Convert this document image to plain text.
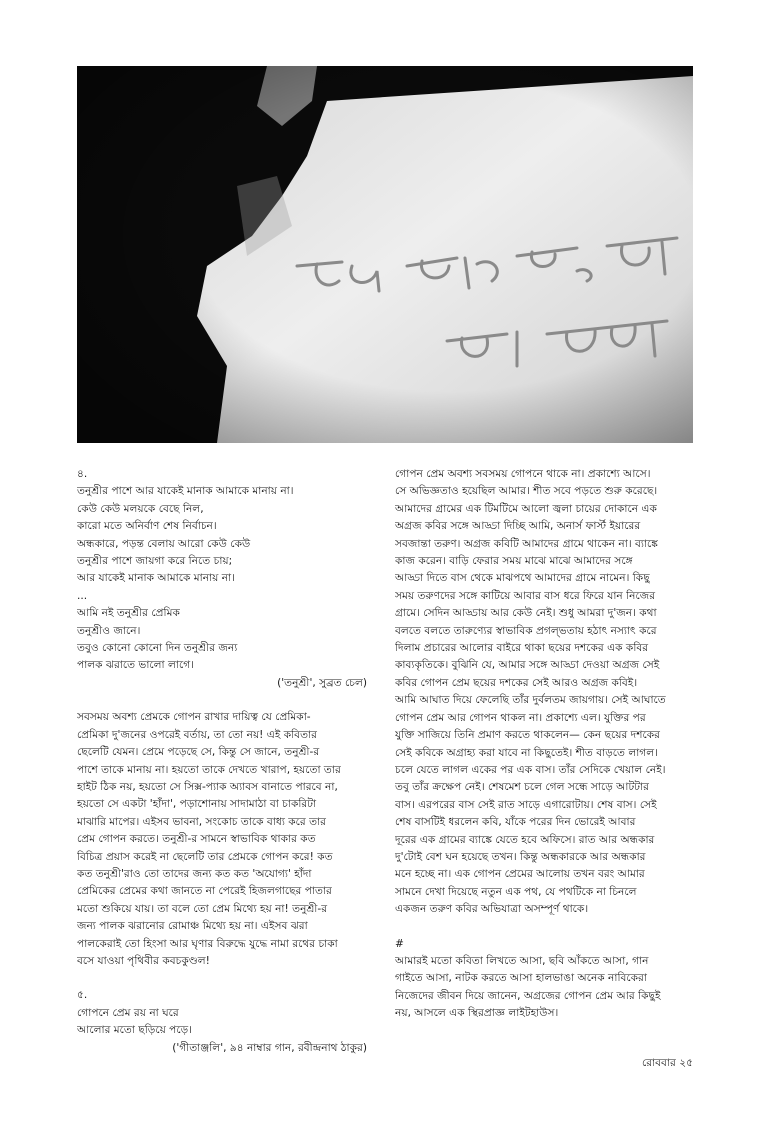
৪.
তনুশ্রীর পাশে আর যাকেই মানাক আমাকে মানায় না।
কেউ কেউ মলয়কে বেছে নিল,
কারো মতে অনির্বাণ শেষ নির্বাচন।
অন্ধকারে, পড়ন্ত বেলায় আরো কেউ কেউ
তনুশ্রীর পাশে জায়গা করে নিতে চায়;
আর যাকেই মানাক আমাকে মানায় না।
...
আমি নই তনুশ্রীর প্রেমিক
তনুশ্রীও জানে।
তবুও কোনো কোনো দিন তনুশ্রীর জন্য
পালক ঝরাতে ভালো লাগে।
('তনুশ্রী', সুব্রত চেল)
সবসময় অবশ্য প্রেমকে গোপন রাখার দায়িত্ব যে প্রেমিকা-
প্রেমিকা দু'জনের ওপরেই বর্তায়, তা তো নয়! এই কবিতার
ছেলেটি যেমন। প্রেমে পড়েছে সে, কিন্তু সে জানে, তনুশ্রী-র
পাশে তাকে মানায় না। হয়তো তাকে দেখতে খারাপ, হয়তো তার
হাইট ঠিক নয়, হয়তো সে সিক্স-প্যাক অ্যাবস বানাতে পারবে না,
হয়তো সে একটা 'হাঁদা', পড়াশোনায় সাদামাঠা বা চাকরিটা
মাঝারি মাপের। এইসব ভাবনা, সংকোচ তাকে বাধ্য করে তার
প্রেম গোপন করতে। তনুশ্রী-র সামনে স্বাভাবিক থাকার কত
বিচিত্র প্রয়াস করেই না ছেলেটি তার প্রেমকে গোপন করে! কত
কত তনুশ্রী'রাও তো তাদের জন্য কত কত 'অযোগ্য' হাঁদা
প্রেমিকের প্রেমের কথা জানতে না পেরেই হিজলগাছের পাতার
মতো শুকিয়ে যায়। তা বলে তো প্রেম মিথ্যে হয় না! তনুশ্রী-র
জন্য পালক ঝরানোর রোমাঞ্চ মিথ্যে হয় না। এইসব ঝরা
পালকেরাই তো হিংসা আর ঘৃণার বিরুদ্ধে যুদ্ধে নামা রথের চাকা
বসে যাওয়া পৃথিবীর কবচকুণ্ডল!
৫.
গোপনে প্রেম রয় না ঘরে
আলোর মতো ছড়িয়ে পড়ে।
('গীতাঞ্জলি', ৯৪ নাম্বার গান, রবীন্দ্রনাথ ঠাকুর)
গোপন প্রেম অবশ্য সবসময় গোপনে থাকে না। প্রকাশ্যে আসে।
সে অভিজ্ঞতাও হয়েছিল আমার। শীত সবে পড়তে শুরু করেছে।
আমাদের গ্রামের এক টিমটিমে আলো জ্বলা চায়ের দোকানে এক
অগ্রজ কবির সঙ্গে আড্ডা দিচ্ছি আমি, অনার্স ফার্স্ট ইয়ারের
সবজান্তা তরুণ। অগ্রজ কবিটি আমাদের গ্রামে থাকেন না। ব্যাঙ্কে
কাজ করেন। বাড়ি ফেরার সময় মাঝে মাঝে আমাদের সঙ্গে
আড্ডা দিতে বাস থেকে মাঝপথে আমাদের গ্রামে নামেন। কিছু
সময় তরুণদের সঙ্গে কাটিয়ে আবার বাস ধরে ফিরে যান নিজের
গ্রামে। সেদিন আড্ডায় আর কেউ নেই। শুধু আমরা দু'জন। কথা
বলতে বলতে তারুণ্যের স্বাভাবিক প্রগল্‌ভতায় হঠাৎ নস্যাৎ করে
দিলাম প্রচারের আলোর বাইরে থাকা ছয়ের দশকের এক কবির
কাব্যকৃতিকে। বুঝিনি যে, আমার সঙ্গে আড্ডা দেওয়া অগ্রজ সেই
কবির গোপন প্রেম ছয়ের দশকের সেই আরও অগ্রজ কবিই।
আমি আঘাত দিয়ে ফেলেছি তাঁর দুর্বলতম জায়গায়। সেই আঘাতে
গোপন প্রেম আর গোপন থাকল না। প্রকাশ্যে এল। যুক্তির পর
যুক্তি সাজিয়ে তিনি প্রমাণ করতে থাকলেন— কেন ছয়ের দশকের
সেই কবিকে অগ্রাহ্য করা যাবে না কিছুতেই। শীত বাড়তে লাগল।
চলে যেতে লাগল একের পর এক বাস। তাঁর সেদিকে খেয়াল নেই।
তবু তাঁর ক্রক্ষেপ নেই। শেষমেশ চলে গেল সন্ধে সাড়ে আটটার
বাস। এরপরের বাস সেই রাত সাড়ে এগারোটায়। শেষ বাস। সেই
শেষ বাসটিই ধরলেন কবি, যাঁকে পরের দিন ভোরেই আবার
দূরের এক গ্রামের ব্যাঙ্কে যেতে হবে অফিসে। রাত আর অন্ধকার
দু'টোই বেশ ঘন হয়েছে তখন। কিন্তু অন্ধকারকে আর অন্ধকার
মনে হচ্ছে না। এক গোপন প্রেমের আলোয় তখন বরং আমার
সামনে দেখা দিয়েছে নতুন এক পথ, যে পথটিকে না চিনলে
একজন তরুণ কবির অভিযাত্রা অসম্পূর্ণ থাকে।
#
আমারই মতো কবিতা লিখতে আসা, ছবি আঁকতে আসা, গান
গাইতে আসা, নাটক করতে আসা হালভাঙা অনেক নাবিকেরা
নিজেদের জীবন দিয়ে জানেন, অগ্রজের গোপন প্রেম আর কিছুই
নয়, আসলে এক স্থিরপ্রাজ্ঞ লাইটহাউস।
রোববার ২৫
